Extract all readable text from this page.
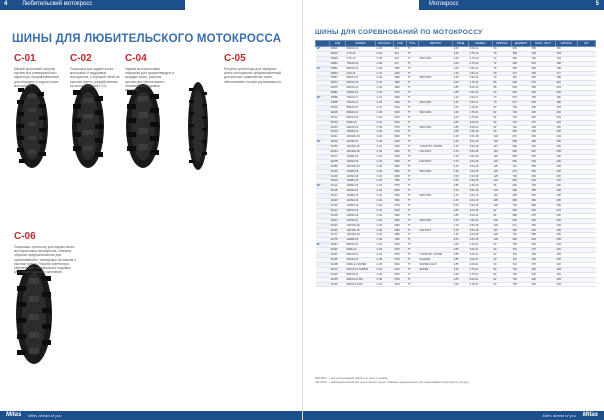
4 Любительский мотокросс
ШИНЫ ДЛЯ ЛЮБИТЕЛЬСКОГО МОТОКРОССА
C-01
Мягкий кроссовый рисунок протектора универсального характера, предназначенный для передних и задних колес мотоциклов.
C-02
Покрышка для задних колес кроссовых и эндуровых мотоциклов, с хорошей тягой на рыхлом грунте, разработанная на основе рисунка C-01.
C-04
Задняя мотокроссовая покрышка для среднетвердых и твердых трасс, рисунок протектора обеспечивает оптимальные ходовые качества.
C-05
Рисунок протектора для передних колес мотоциклов, предназначенный для жестких, каменистых трасс, обеспечивает точную управляемость.
C-06
Покрышка, протектор для задних колес мотокроссовых мотоциклов, главным образом предназначенная для соревнований и тренировок на мягком и рыхлом грунте. Рисунок протектора обеспечивает оптимальные ходовые качества и хорошее сцепление.
Mitas Miles ahead of you
Мотокросс	5
ШИНЫ ДЛЯ СОРЕВНОВАНИЙ ПО МОТОКРОССУ
	КОД	РАЗМЕР	РИСУНОК	L/SR	TT/TL	ВЕРСИЯ	ОБОД	КАМЕРА	ШИРИНА	ДИАМЕТР	МАКС. НАГР.	НАПОЛН.	КАТ.
12"	30919	60/100-12	C-02	36J	TT		1.60	2.00-12	60	463	255	150	
	30924	2.75-10	C-01	32J	TT		1.60	2.75-10	70	395	195	153	
	30930	2.75-10	C-05	33J	TT	WIN FRIC	1.60	2.75-10	72	396	190	153	
	30944	70/100-10	C-02	41J	TT		1.60	2.75-10	72	406	210	158	
14"	30951	80/100-12	C-05	50M	TT		1.60	2.50-12	79	456	280	189	
	30963	2.50-14	C-01	42M	TT		1.40	2.50-14	69	477	265	177	
	30967	80/100-14	C-02	49M	TT	WIN FRIC	1.60	2.50-14	79	487	320	189	
	30971	90/100-14	C-04	49M	TT		1.60	2.75-14	86	538	375	220	
	30975	90/100-14	C-02	49M	TT		1.85	3.00-14	88	559	365	224	
	30981	100/90-14	C-04	57M	TT		1.85	3.00-14	94	560	415	230	
16"	30988	70/100-17	C-01	40M	TT		1.40	2.50-17	70	570	255	180	
	30998	70/100-17	C-05	40M	TT	WIN FRIC	1.40	2.50-17	70	572	255	180	
	31002	80/100-21	C-01	51M	TT		1.60	2.75-21	82	700	325	203	
	31006	80/100-21	C-05	51M	TT	WIN FRIC	1.60	2.75-21	82	700	325	203	
	31012	80/100-21	C-06	51M	TT		1.60	2.75-21	82	702	325	203	
	31019	90/90-21	C-01	54M	TT		1.85	3.00-21	90	710	375	220	
	31024	90/100-21	C-05	57M	TT	WIN FRIC	1.85	3.00-21	92	722	400	225	
	31033	100/90-19	C-02	57M	TT		1.85	3.25-19	96	668	425	230	
	31041	100/100-18	C-04	59M	TT		2.15	3.50-18	102	674	450	233	
18"	31046	110/90-19	C-02	62M	TT		2.15	3.50-19	104	690	485	236	
	31055	110/100-18	C-04	64M	TT	COUNTRY CROSS	2.15	3.50-18	110	690	520	236	
	31064	110/100-18	C-02	64M	TT	ICE SOFT	2.15	3.50-18	110	690	520	236	
	31071	120/80-19	C-02	63M	TT		2.15	4.00-19	118	686	500	236	
	31078	120/90-18	C-04	65M	TT	ICE SOFT	2.15	4.00-18	118	690	530	236	
	31086	120/100-18	C-06	68M	TT		2.15	4.00-18	120	710	580	236	
	31093	130/80-18	C-02	66M	TT	WIN FRIC	2.15	4.00-18	126	676	560	236	
	31099	130/90-18	C-04	69M	TT		2.50	4.50-18	128	706	605	236	
	31106	140/80-18	C-02	70M	TT		2.50	4.50-18	134	682	630	236	
19"	31112	100/90-19	C-01	57M	TT		1.85	3.25-19	96	666	425	230	
	31118	110/90-19	C-02	62M	TT		2.15	3.50-19	104	690	485	236	
	31124	120/80-19	C-04	63M	TT	WIN FRIC	2.15	4.00-19	118	686	500	236	
	31130	120/90-19	C-02	66M	TT		2.15	4.00-19	118	698	560	236	
	31136	130/80-19	C-02	67M	TT		2.50	4.50-19	126	700	580	236	
	31142	90/100-16	C-02	51M	TT		1.85	3.00-16	92	590	335	224	
	31148	100/90-16	C-04	54M	TT		1.85	3.00-16	96	586	375	230	
	31154	110/90-16	C-06	59M	TT	WIN FRIC	2.15	3.50-16	104	602	440	236	
	31160	100/100-18	C-02	59M	TT		2.15	3.50-18	102	674	450	233	
	31166	110/100-18	C-06	64M	TT	ICE SOFT	2.15	3.50-18	110	690	520	236	
	31172	120/100-18	C-04	68M	TT		2.15	4.00-18	120	710	580	236	
	31178	140/80-18	C-06	70M	TT		2.50	4.50-18	134	682	630	236	
21"	31184	80/100-21	C-01	51M	TT		1.60	2.75-21	82	700	325	203	
	31190	90/90-21	C-05	54M	TT		1.85	3.00-21	90	710	375	220	
	31196	90/100-21	C-01	57M	TT	COUNTRY CROSS	1.85	3.00-21	92	722	400	225	
	31202	90/100-21	C-05	57M	TT	SAHARA	1.85	3.00-21	92	722	400	225	
	31208	90/90-21 SUPER	C-05	54M	TT	SUPER LIGHT	1.85	3.00-21	90	712	375	220	
	31214	80/100-21 SUPER	C-01	51M	TT	SUPER	1.60	2.75-21	82	702	325	203	
	31220	80/100-21	C-06	51M	TT		1.60	2.75-21	82	700	325	203	
	31226	90/100-21 MC	C-05	57M	TT		1.85	3.00-21	92	722	400	225	
	31232	80/100-21 MC	C-01	51M	TT		1.60	2.75-21	82	700	325	203	
WIN FRIC — для использования зимой и на снегу с шипами.
ICE SOFT — комбинация шипов для льда и мягкого грунта. Размеры предназначены для соревнований по мотокроссу на льду.
Miles ahead of you Mitas
